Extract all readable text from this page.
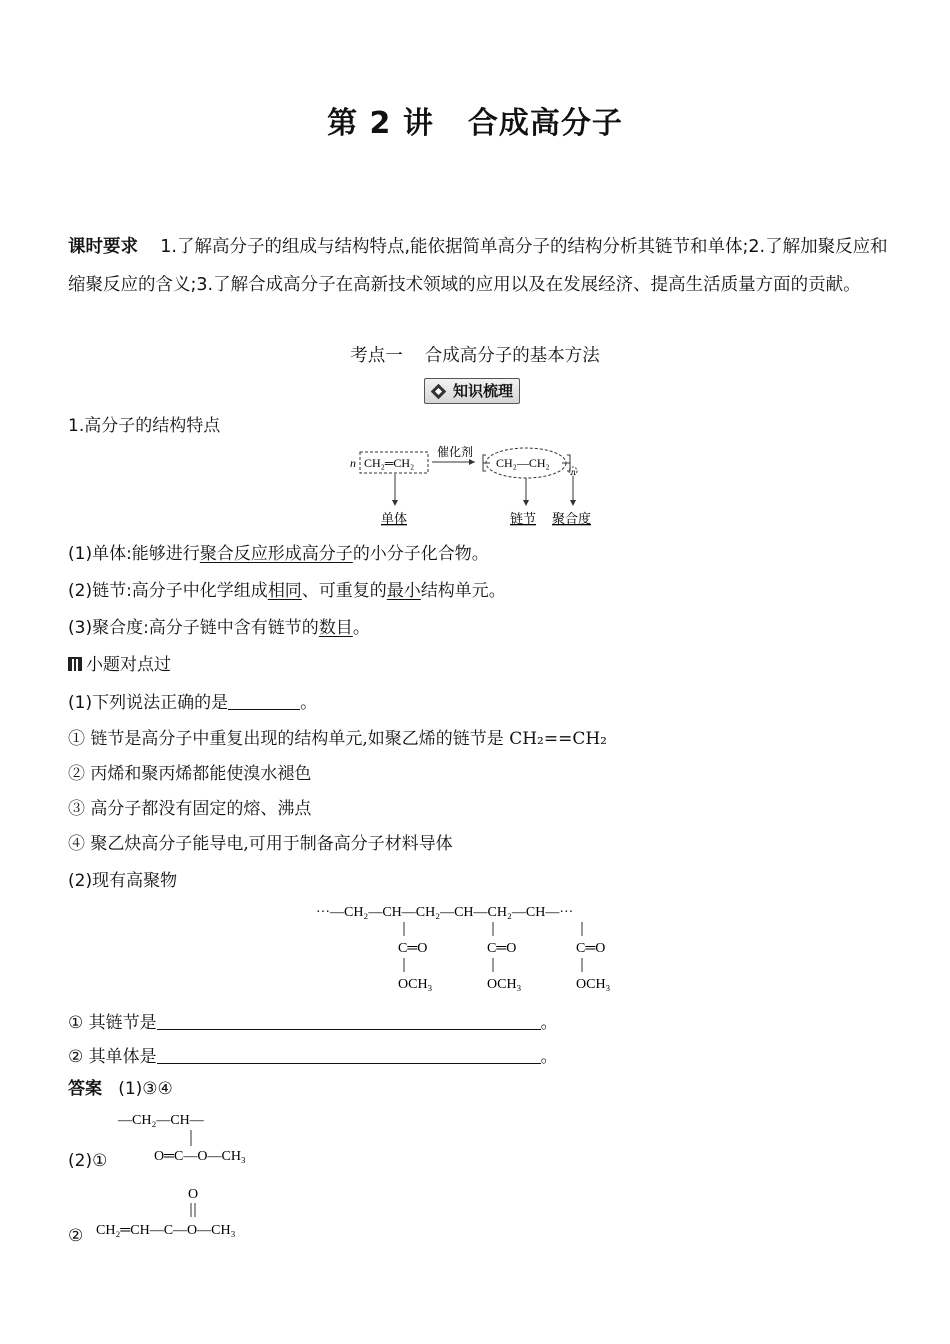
第 2 讲 合成高分子
课时要求 1.了解高分子的组成与结构特点,能依据简单高分子的结构分析其链节和单体;2.了解加聚反应和缩聚反应的含义;3.了解合成高分子在高新技术领域的应用以及在发展经济、提高生活质量方面的贡献。
考点一 合成高分子的基本方法
知识梳理
1.高分子的结构特点
n CH₂═CH₂
催化剂
CH₂—CH₂
n
单体	链节 聚合度
(1)单体:能够进行聚合反应形成高分子的小分子化合物。
(2)链节:高分子中化学组成相同、可重复的最小结构单元。
(3)聚合度:高分子链中含有链节的数目。
小题对点过
(1)下列说法正确的是	。
① 链节是高分子中重复出现的结构单元,如聚乙烯的链节是 CH₂==CH₂
② 丙烯和聚丙烯都能使溴水褪色
③ 高分子都没有固定的熔、沸点
④ 聚乙炔高分子能导电,可用于制备高分子材料导体
(2)现有高聚物
···—CH₂—CH—CH₂—CH—CH₂—CH—···
C═O	C═O	C═O
OCH₃	OCH₃	OCH₃
① 其链节是	。
② 其单体是	。
答案 (1)③④
—CH₂—CH—
O═C—O—CH₃
(2)①
O
CH₂═CH—C—O—CH₃
②
